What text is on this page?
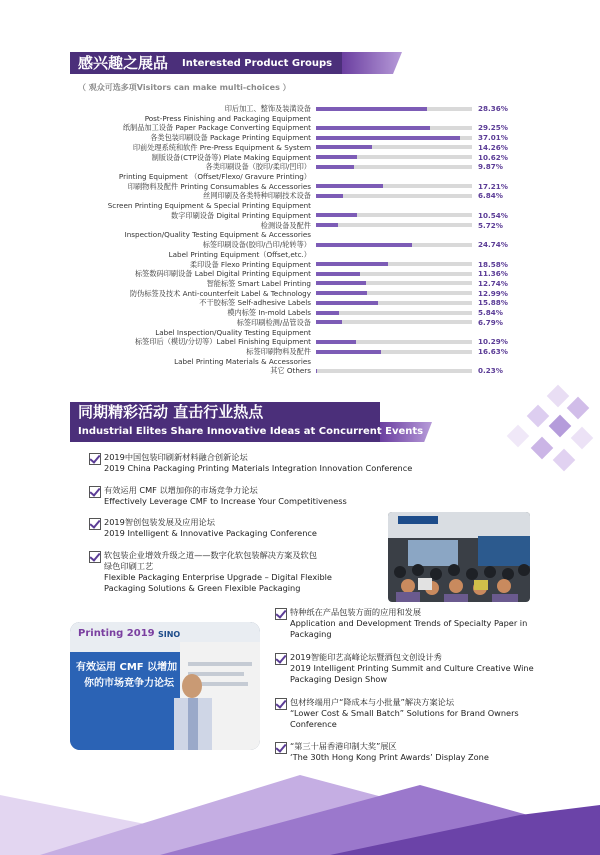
感兴趣之展品 Interested Product Groups
（ 观众可选多项Visitors can make multi-choices ）
印后加工、整饰及装潢设备	28.36%
Post-Press Finishing and Packaging Equipment
纸制品加工设备 Paper Package Converting Equipment	29.25%
各类包装印刷设备 Package Printing Equipment	37.01%
印前处理系统和软件 Pre-Press Equipment & System	14.26%
制版设备(CTP设备等) Plate Making Equipment	10.62%
各类印刷设备（胶印/柔印/凹印）	9.87%
Printing Equipment （Offset/Flexo/ Gravure Printing）
印刷物料及配件 Printing Consumables & Accessories	17.21%
丝网印刷及各类特种印刷技术设备	6.84%
Screen Printing Equipment & Special Printing Equipment
数字印刷设备 Digital Printing Equipment	10.54%
检测设备及配件	5.72%
Inspection/Quality Testing Equipment & Accessories
标签印刷设备(胶印/凸印/轮转等）	24.74%
Label Printing Equipment（Offset,etc.）
柔印设备 Flexo Printing Equipment	18.58%
标签数码印刷设备 Label Digital Printing Equipment	11.36%
智能标签 Smart Label Printing	12.74%
防伪标签及技术 Anti-counterfeit Label & Technology	12.99%
不干胶标签 Self-adhesive Labels	15.88%
模内标签 In-mold Labels	5.84%
标签印刷检测/品管设备	6.79%
Label Inspection/Quality Testing Equipment
标签印后（模切/分切等）Label Finishing Equipment	10.29%
标签印刷物料及配件	16.63%
Label Printing Materials & Accessories
其它 Others	0.23%
同期精彩活动 直击行业热点
Industrial Elites Share Innovative Ideas at Concurrent Events
2019中国包装印刷新材料融合创新论坛
2019 China Packaging Printing Materials Integration Innovation Conference
有效运用 CMF 以增加你的市场竞争力论坛
Effectively Leverage CMF to Increase Your Competitiveness
2019智创包装发展及应用论坛
2019 Intelligent & Innovative Packaging Conference
软包装企业增效升级之道——数字化软包装解决方案及软包
绿色印刷工艺
Flexible Packaging Enterprise Upgrade – Digital Flexible
Packaging Solutions & Green Flexible Packaging
特种纸在产品包装方面的应用和发展
Application and Development Trends of Specialty Paper in
Packaging
2019智能印艺高峰论坛暨酒包文创设计秀
2019 Intelligent Printing Summit and Culture Creative Wine
Packaging Design Show
包材终端用户“降成本与小批量”解决方案论坛
“Lower Cost & Small Batch” Solutions for Brand Owners
Conference
“第三十届香港印制大奖”展区
‘The 30th Hong Kong Print Awards’ Display Zone
Printing 2019 SINO
有效运用 CMF 以增加
你的市场竞争力论坛
